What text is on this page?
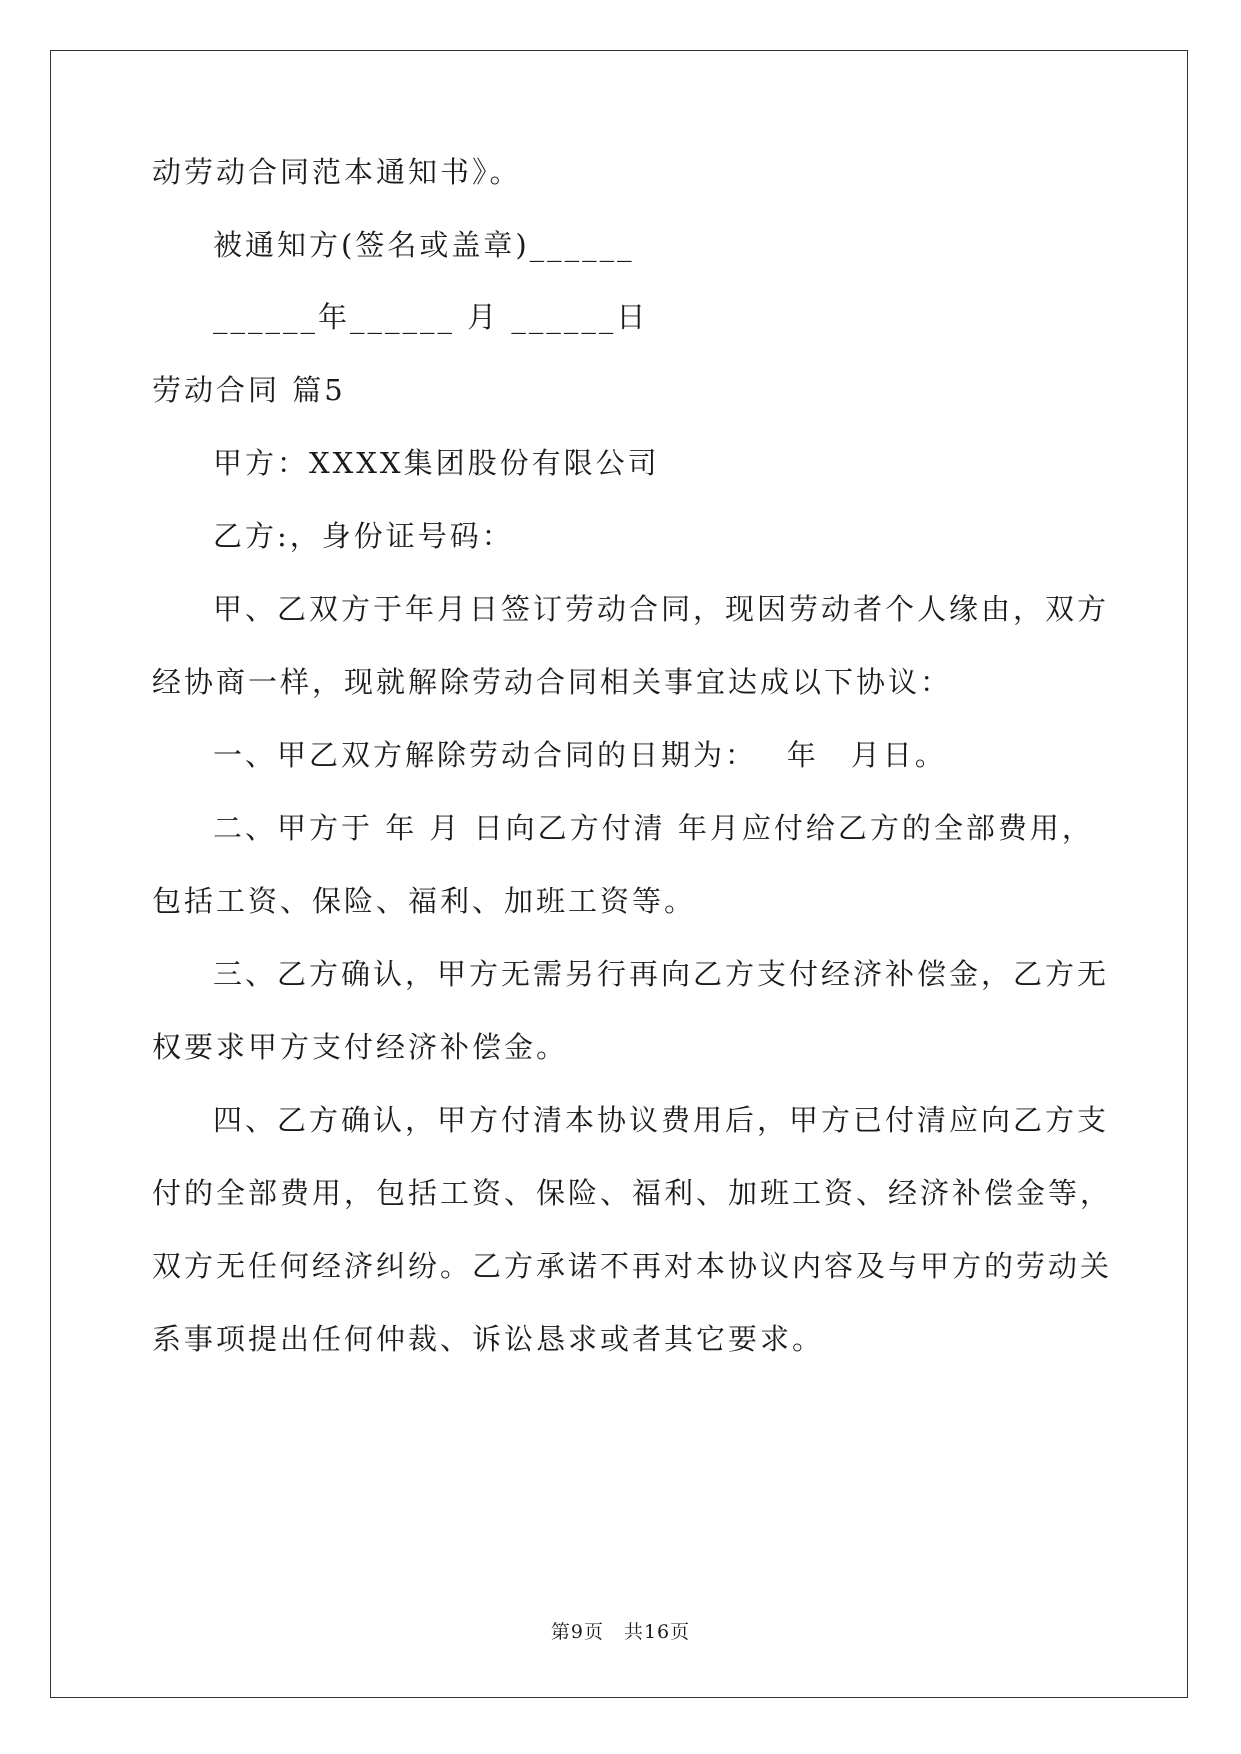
动劳动合同范本通知书》。
被通知方(签名或盖章)______
______年______ 月 ______日
劳动合同 篇5
甲方：XXXX集团股份有限公司
乙方:，身份证号码：
甲、乙双方于年月日签订劳动合同，现因劳动者个人缘由，双方
经协商一样，现就解除劳动合同相关事宜达成以下协议：
一、甲乙双方解除劳动合同的日期为：　 年　月日。
二、甲方于 年 月 日向乙方付清 年月应付给乙方的全部费用，
包括工资、保险、福利、加班工资等。
三、乙方确认，甲方无需另行再向乙方支付经济补偿金，乙方无
权要求甲方支付经济补偿金。
四、乙方确认，甲方付清本协议费用后，甲方已付清应向乙方支
付的全部费用，包括工资、保险、福利、加班工资、经济补偿金等，
双方无任何经济纠纷。乙方承诺不再对本协议内容及与甲方的劳动关
系事项提出任何仲裁、诉讼恳求或者其它要求。
第9页　共16页
